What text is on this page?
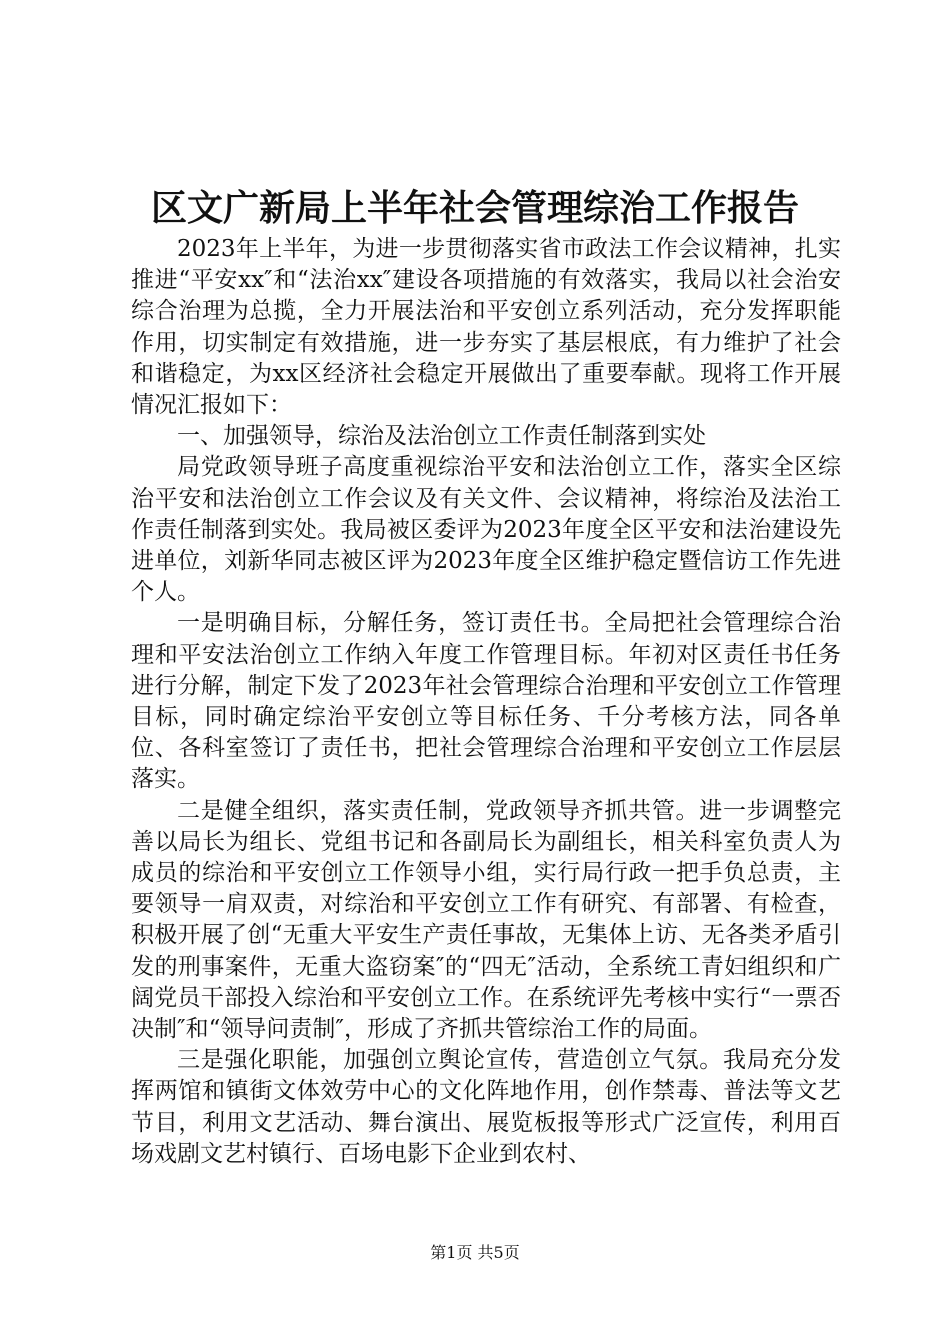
区文广新局上半年社会管理综治工作报告

2023年上半年，为进一步贯彻落实省市政法工作会议精神，扎实推进“平安xx″和“法治xx″建设各项措施的有效落实，我局以社会治安综合治理为总揽，全力开展法治和平安创立系列活动，充分发挥职能作用，切实制定有效措施，进一步夯实了基层根底，有力维护了社会和谐稳定，为xx区经济社会稳定开展做出了重要奉献。现将工作开展情况汇报如下：

一、加强领导，综治及法治创立工作责任制落到实处

局党政领导班子高度重视综治平安和法治创立工作，落实全区综治平安和法治创立工作会议及有关文件、会议精神，将综治及法治工作责任制落到实处。我局被区委评为2023年度全区平安和法治建设先进单位，刘新华同志被区评为2023年度全区维护稳定暨信访工作先进个人。

一是明确目标，分解任务，签订责任书。全局把社会管理综合治理和平安法治创立工作纳入年度工作管理目标。年初对区责任书任务进行分解，制定下发了2023年社会管理综合治理和平安创立工作管理目标，同时确定综治平安创立等目标任务、千分考核方法，同各单位、各科室签订了责任书，把社会管理综合治理和平安创立工作层层落实。

二是健全组织，落实责任制，党政领导齐抓共管。进一步调整完善以局长为组长、党组书记和各副局长为副组长，相关科室负责人为成员的综治和平安创立工作领导小组，实行局行政一把手负总责，主要领导一肩双责，对综治和平安创立工作有研究、有部署、有检查，积极开展了创“无重大平安生产责任事故，无集体上访、无各类矛盾引发的刑事案件，无重大盗窃案″的“四无″活动，全系统工青妇组织和广阔党员干部投入综治和平安创立工作。在系统评先考核中实行“一票否决制″和“领导问责制″，形成了齐抓共管综治工作的局面。

三是强化职能，加强创立舆论宣传，营造创立气氛。我局充分发挥两馆和镇街文体效劳中心的文化阵地作用，创作禁毒、普法等文艺节目，利用文艺活动、舞台演出、展览板报等形式广泛宣传，利用百场戏剧文艺村镇行、百场电影下企业到农村、

第1页 共5页
